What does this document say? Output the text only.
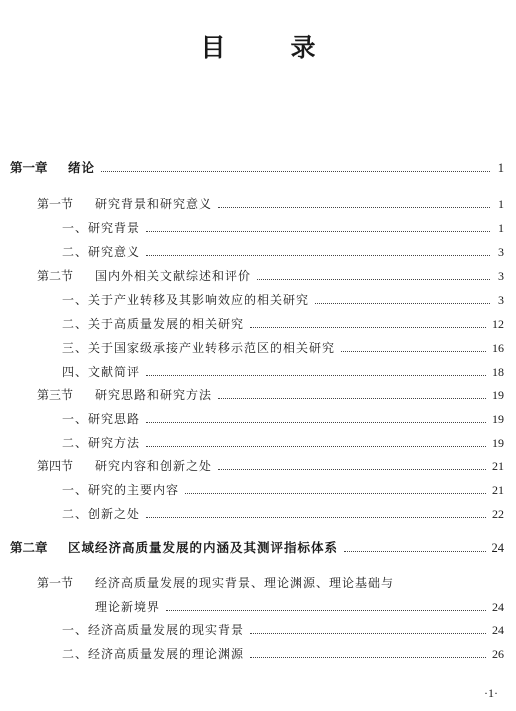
目　录
第一章	绪论	1
第一节	研究背景和研究意义	1
一、研究背景	1
二、研究意义	3
第二节	国内外相关文献综述和评价	3
一、关于产业转移及其影响效应的相关研究	3
二、关于高质量发展的相关研究	12
三、关于国家级承接产业转移示范区的相关研究	16
四、文献简评	18
第三节	研究思路和研究方法	19
一、研究思路	19
二、研究方法	19
第四节	研究内容和创新之处	21
一、研究的主要内容	21
二、创新之处	22
第二章	区域经济高质量发展的内涵及其测评指标体系	24
第一节	经济高质量发展的现实背景、理论渊源、理论基础与
理论新境界	24
一、经济高质量发展的现实背景	24
二、经济高质量发展的理论渊源	26
·1·
